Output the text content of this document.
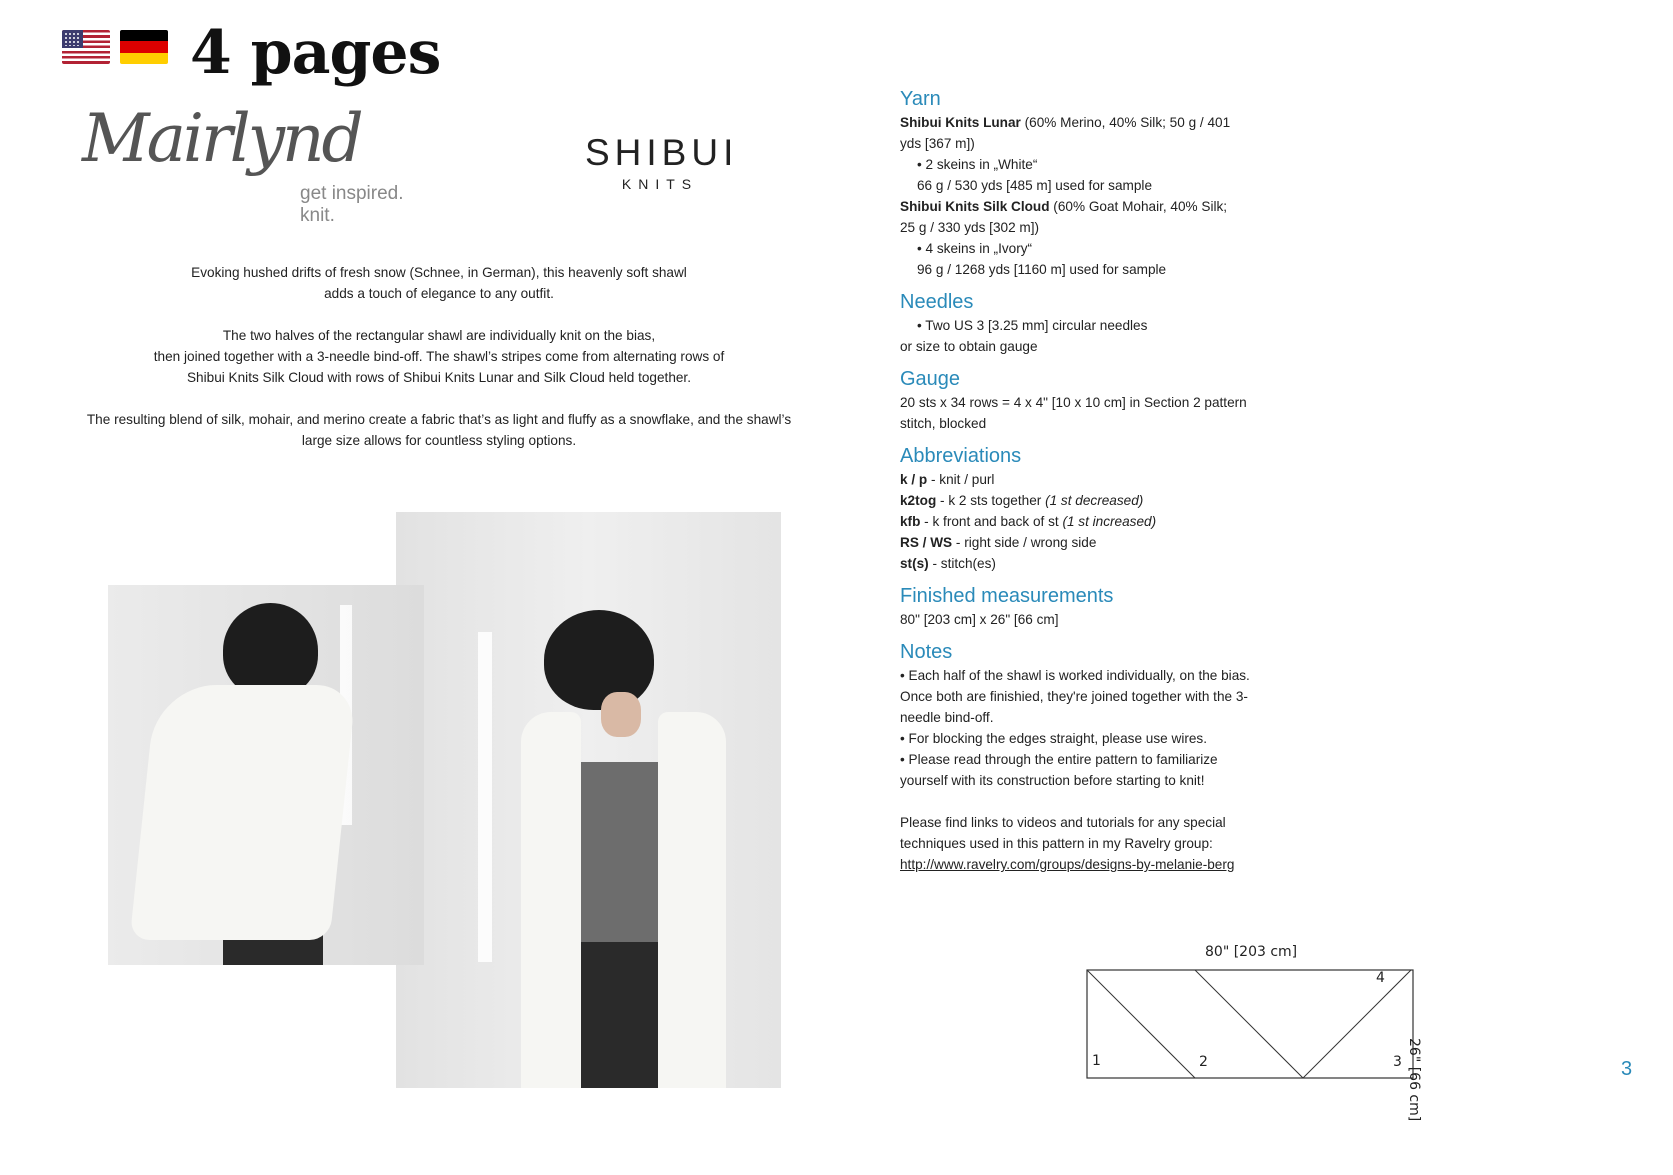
4 pages
Mairlynd
get inspired. knit.
SHIBUI
KNITS

Evoking hushed drifts of fresh snow (Schnee, in German), this heavenly soft shawl
adds a touch of elegance to any outfit.

The two halves of the rectangular shawl are individually knit on the bias,
then joined together with a 3-needle bind-off. The shawl’s stripes come from alternating rows of
Shibui Knits Silk Cloud with rows of Shibui Knits Lunar and Silk Cloud held together.

The resulting blend of silk, mohair, and merino create a fabric that’s as light and fluffy as a snowflake, and the shawl’s
large size allows for countless styling options.

Yarn

Shibui Knits Lunar (60% Merino, 40% Silk; 50 g / 401

yds [367 m])

• 2 skeins in „White“

66 g / 530 yds [485 m] used for sample

Shibui Knits Silk Cloud (60% Goat Mohair, 40% Silk;

25 g / 330 yds [302 m])

• 4 skeins in „Ivory“

96 g / 1268 yds [1160 m] used for sample

Needles

• Two US 3 [3.25 mm] circular needles

or size to obtain gauge

Gauge

20 sts x 34 rows = 4 x 4" [10 x 10 cm] in Section 2 pattern

stitch, blocked

Abbreviations

k / p - knit / purl

k2tog - k 2 sts together (1 st decreased)

kfb - k front and back of st (1 st increased)

RS / WS - right side / wrong side

st(s) - stitch(es)

Finished measurements

80" [203 cm] x 26" [66 cm]

Notes

• Each half of the shawl is worked individually, on the bias.

Once both are finishied, they're joined together with the 3-

needle bind-off.

• For blocking the edges straight, please use wires.

• Please read through the entire pattern to familiarize

yourself with its construction before starting to knit!

Please find links to videos and tutorials for any special

techniques used in this pattern in my Ravelry group:

http://www.ravelry.com/groups/designs-by-melanie-berg

80" [203 cm]
26" [66 cm]
1	2	3
4
3
